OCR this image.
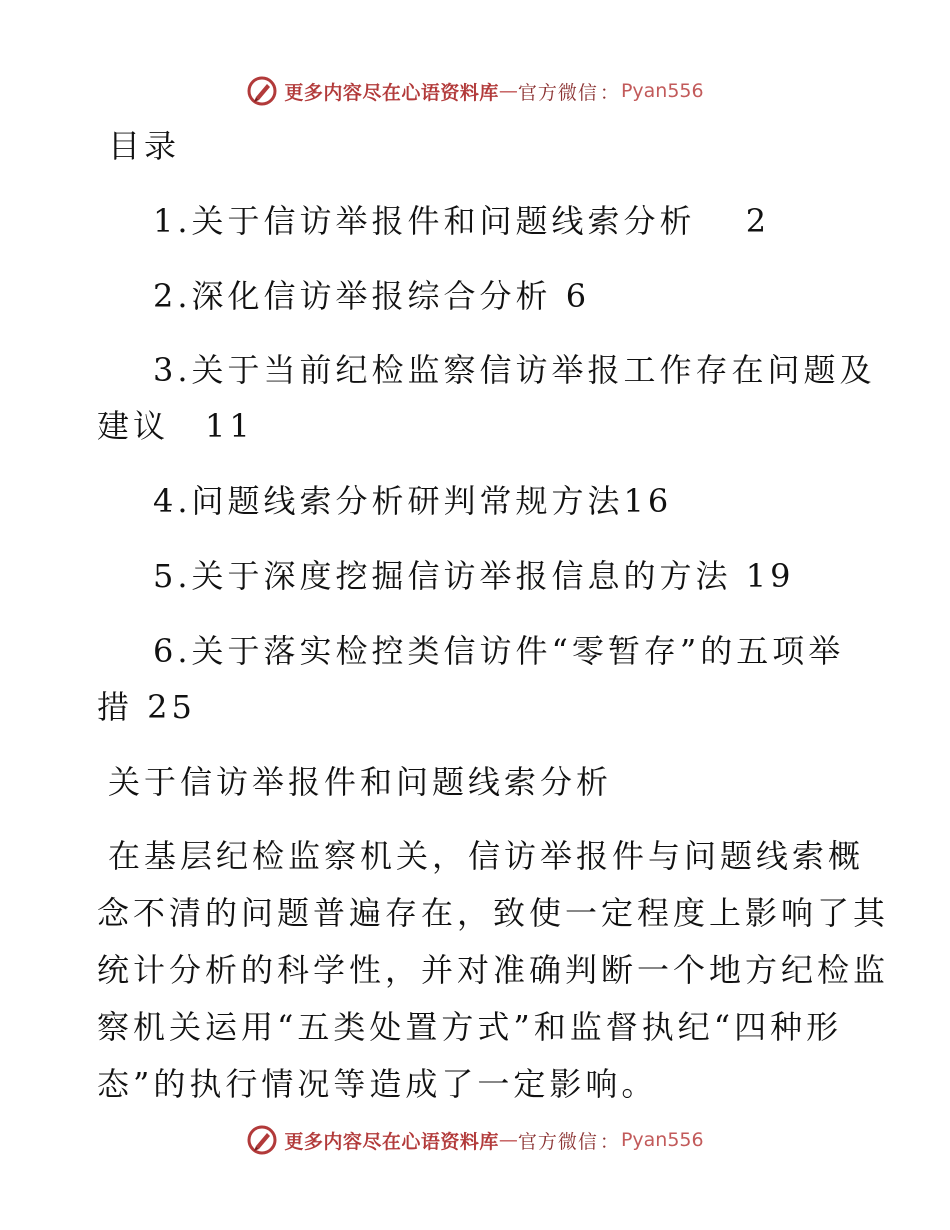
更多内容尽在心语资料库 — 官方微信 ： Pyan556
目录
1.关于信访举报件和问题线索分析　 2
2.深化信访举报综合分析 6
3.关于当前纪检监察信访举报工作存在问题及
建议　11
4.问题线索分析研判常规方法16
5.关于深度挖掘信访举报信息的方法 19
6.关于落实检控类信访件“零暂存”的五项举
措 25
关于信访举报件和问题线索分析
在基层纪检监察机关，信访举报件与问题线索概
念不清的问题普遍存在，致使一定程度上影响了其
统计分析的科学性，并对准确判断一个地方纪检监
察机关运用“五类处置方式”和监督执纪“四种形
态”的执行情况等造成了一定影响。
更多内容尽在心语资料库 — 官方微信 ： Pyan556
